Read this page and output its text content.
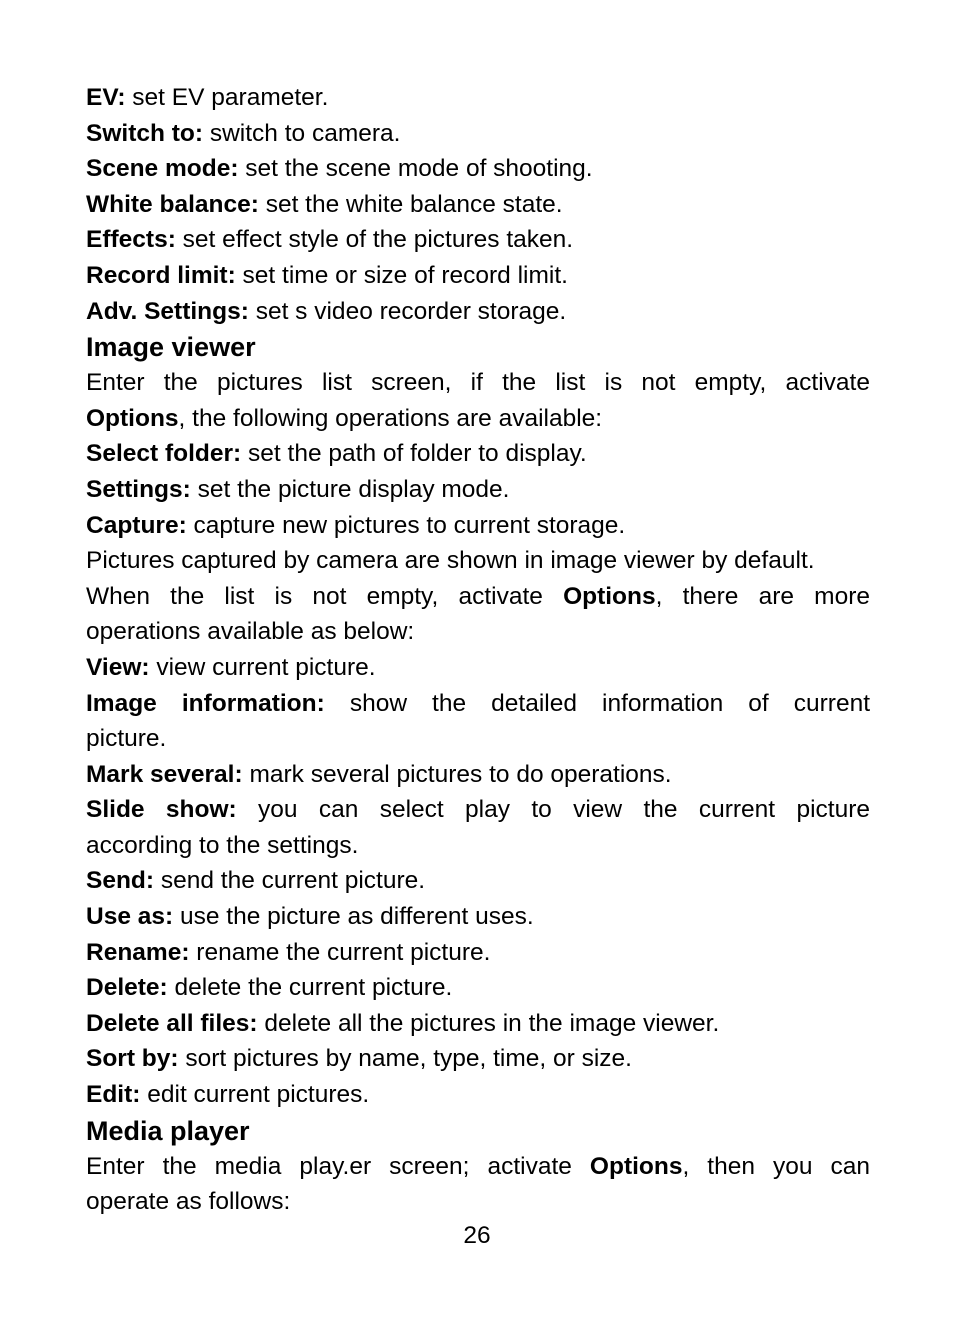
EV: set EV parameter.
Switch to: switch to camera.
Scene mode: set the scene mode of shooting.
White balance: set the white balance state.
Effects: set effect style of the pictures taken.
Record limit: set time or size of record limit.
Adv. Settings: set s video recorder storage.
Image viewer
Enter the pictures list screen, if the list is not empty, activate
Options, the following operations are available:
Select folder: set the path of folder to display.
Settings: set the picture display mode.
Capture: capture new pictures to current storage.
Pictures captured by camera are shown in image viewer by default.
When the list is not empty, activate Options, there are more
operations available as below:
View: view current picture.
Image information: show the detailed information of current
picture.
Mark several: mark several pictures to do operations.
Slide show: you can select play to view the current picture
according to the settings.
Send: send the current picture.
Use as: use the picture as different uses.
Rename: rename the current picture.
Delete: delete the current picture.
Delete all files: delete all the pictures in the image viewer.
Sort by: sort pictures by name, type, time, or size.
Edit: edit current pictures.
Media player
Enter the media play.er screen; activate Options, then you can
operate as follows:
26
